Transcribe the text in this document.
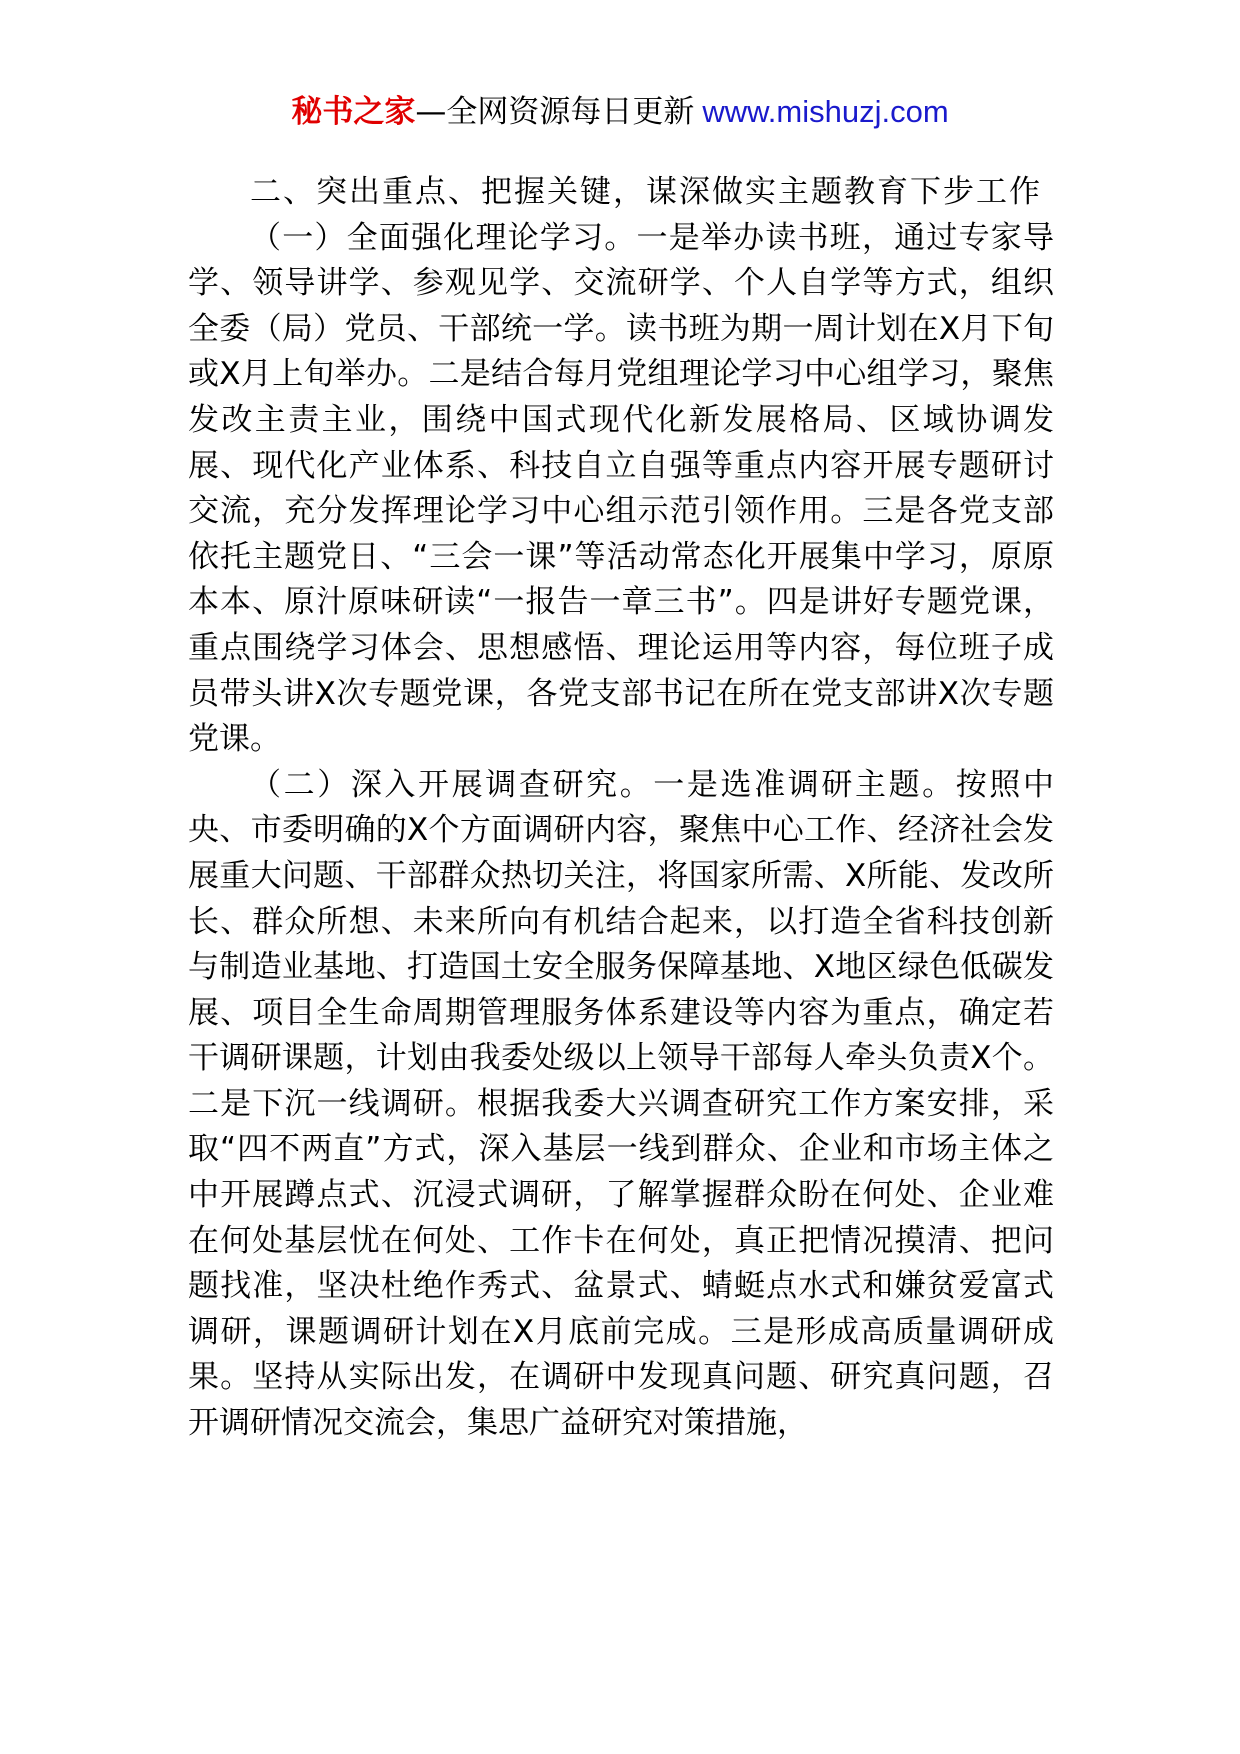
秘书之家—全网资源每日更新 www.mishuzj.com

二、突出重点、把握关键，谋深做实主题教育下步工作

（一）全面强化理论学习。一是举办读书班，通过专家导学、领导讲学、参观见学、交流研学、个人自学等方式，组织全委（局）党员、干部统一学。读书班为期一周计划在X月下旬或X月上旬举办。二是结合每月党组理论学习中心组学习，聚焦发改主责主业，围绕中国式现代化新发展格局、区域协调发展、现代化产业体系、科技自立自强等重点内容开展专题研讨交流，充分发挥理论学习中心组示范引领作用。三是各党支部依托主题党日、“三会一课”等活动常态化开展集中学习，原原本本、原汁原味研读“一报告一章三书”。四是讲好专题党课，重点围绕学习体会、思想感悟、理论运用等内容，每位班子成员带头讲X次专题党课，各党支部书记在所在党支部讲X次专题党课。

（二）深入开展调查研究。一是选准调研主题。按照中央、市委明确的X个方面调研内容，聚焦中心工作、经济社会发展重大问题、干部群众热切关注，将国家所需、X所能、发改所长、群众所想、未来所向有机结合起来，以打造全省科技创新与制造业基地、打造国土安全服务保障基地、X地区绿色低碳发展、项目全生命周期管理服务体系建设等内容为重点，确定若干调研课题，计划由我委处级以上领导干部每人牵头负责X个。二是下沉一线调研。根据我委大兴调查研究工作方案安排，采取“四不两直”方式，深入基层一线到群众、企业和市场主体之中开展蹲点式、沉浸式调研，了解掌握群众盼在何处、企业难在何处基层忧在何处、工作卡在何处，真正把情况摸清、把问题找准，坚决杜绝作秀式、盆景式、蜻蜓点水式和嫌贫爱富式调研，课题调研计划在X月底前完成。三是形成高质量调研成果。坚持从实际出发，在调研中发现真问题、研究真问题，召开调研情况交流会，集思广益研究对策措施，
